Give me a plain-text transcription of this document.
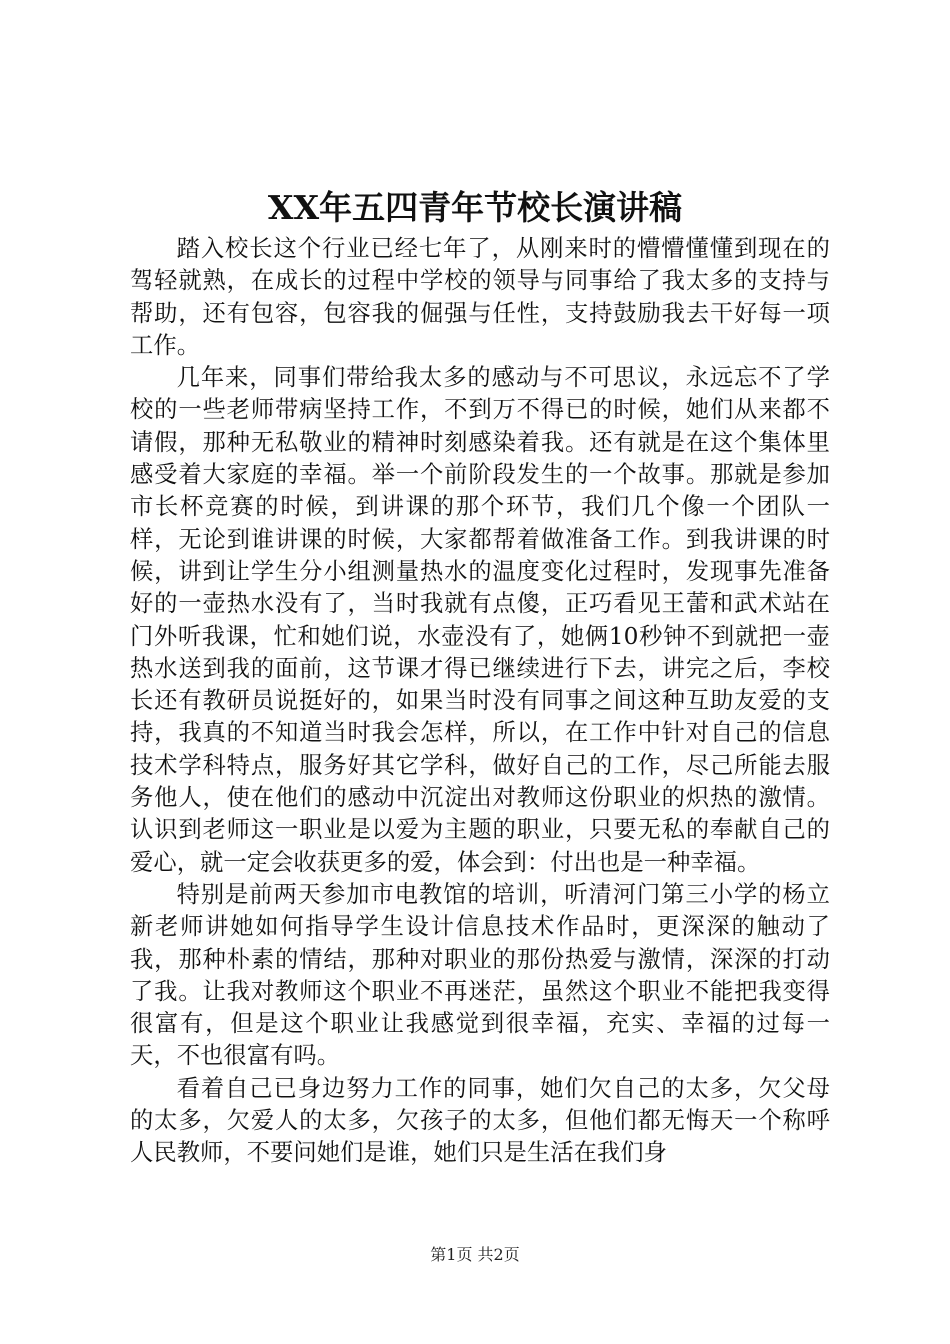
XX年五四青年节校长演讲稿

踏入校长这个行业已经七年了，从刚来时的懵懵懂懂到现在的驾轻就熟，在成长的过程中学校的领导与同事给了我太多的支持与帮助，还有包容，包容我的倔强与任性，支持鼓励我去干好每一项工作。

几年来，同事们带给我太多的感动与不可思议，永远忘不了学校的一些老师带病坚持工作，不到万不得已的时候，她们从来都不请假，那种无私敬业的精神时刻感染着我。还有就是在这个集体里感受着大家庭的幸福。举一个前阶段发生的一个故事。那就是参加市长杯竞赛的时候，到讲课的那个环节，我们几个像一个团队一样，无论到谁讲课的时候，大家都帮着做准备工作。到我讲课的时候，讲到让学生分小组测量热水的温度变化过程时，发现事先准备好的一壶热水没有了，当时我就有点傻，正巧看见王蕾和武术站在门外听我课，忙和她们说，水壶没有了，她俩10秒钟不到就把一壶热水送到我的面前，这节课才得已继续进行下去，讲完之后，李校长还有教研员说挺好的，如果当时没有同事之间这种互助友爱的支持，我真的不知道当时我会怎样，所以，在工作中针对自己的信息技术学科特点，服务好其它学科，做好自己的工作，尽己所能去服务他人，使在他们的感动中沉淀出对教师这份职业的炽热的激情。认识到老师这一职业是以爱为主题的职业，只要无私的奉献自己的爱心，就一定会收获更多的爱，体会到：付出也是一种幸福。

特别是前两天参加市电教馆的培训，听清河门第三小学的杨立新老师讲她如何指导学生设计信息技术作品时，更深深的触动了我，那种朴素的情结，那种对职业的那份热爱与激情，深深的打动了我。让我对教师这个职业不再迷茫，虽然这个职业不能把我变得很富有，但是这个职业让我感觉到很幸福，充实、幸福的过每一天，不也很富有吗。

看着自己已身边努力工作的同事，她们欠自己的太多，欠父母的太多，欠爱人的太多，欠孩子的太多，但他们都无悔天一个称呼人民教师，不要问她们是谁，她们只是生活在我们身

第1页 共2页
